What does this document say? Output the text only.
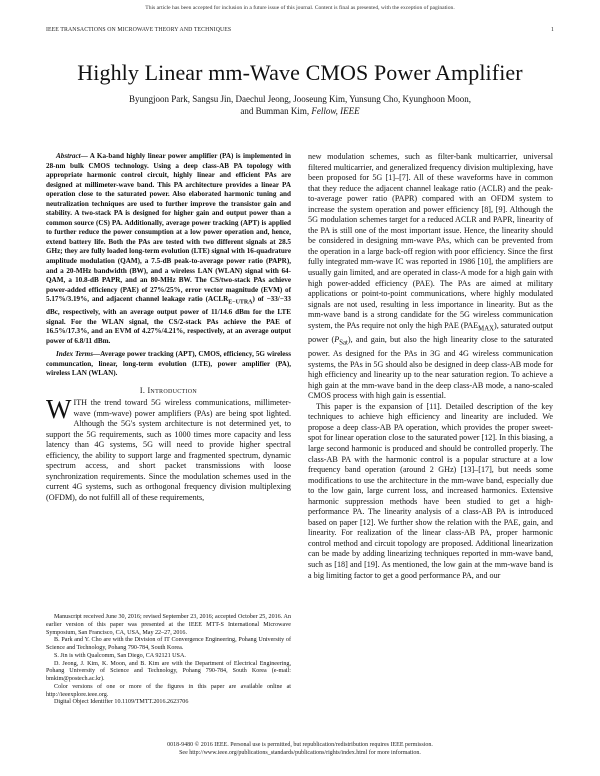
This article has been accepted for inclusion in a future issue of this journal. Content is final as presented, with the exception of pagination.
IEEE TRANSACTIONS ON MICROWAVE THEORY AND TECHNIQUES	1
Highly Linear mm-Wave CMOS Power Amplifier
Byungjoon Park, Sangsu Jin, Daechul Jeong, Jooseung Kim, Yunsung Cho, Kyunghoon Moon,
and Bumman Kim, Fellow, IEEE

Abstract— A Ka-band highly linear power amplifier (PA) is implemented in 28-nm bulk CMOS technology. Using a deep class-AB PA topology with appropriate harmonic control circuit, highly linear and efficient PAs are designed at millimeter-wave band. This PA architecture provides a linear PA operation close to the saturated power. Also elaborated harmonic tuning and neutralization techniques are used to further improve the transistor gain and stability. A two-stack PA is designed for higher gain and output power than a common source (CS) PA. Additionally, average power tracking (APT) is applied to further reduce the power consumption at a low power operation and, hence, extend battery life. Both the PAs are tested with two different signals at 28.5 GHz; they are fully loaded long-term evolution (LTE) signal with 16-quadrature amplitude modulation (QAM), a 7.5-dB peak-to-average power ratio (PAPR), and a 20-MHz bandwidth (BW), and a wireless LAN (WLAN) signal with 64-QAM, a 10.8-dB PAPR, and an 80-MHz BW. The CS/two-stack PAs achieve power-added efficiency (PAE) of 27%/25%, error vector magnitude (EVM) of 5.17%/3.19%, and adjacent channel leakage ratio $(ACLR_{E-UTRA})$ of −33/−33 dBc, respectively, with an average output power of 11/14.6 dBm for the LTE signal. For the WLAN signal, the CS/2-stack PAs achieve the PAE of 16.5%/17.3%, and an EVM of 4.27%/4.21%, respectively, at an average output power of 6.8/11 dBm.

Index Terms—Average power tracking (APT), CMOS, efficiency, 5G wireless communcation, linear, long-term evolution (LTE), power amplifier (PA), wireless LAN (WLAN).

I. Introduction

WITH the trend toward 5G wireless communications, millimeter-wave (mm-wave) power amplifiers (PAs) are being spot lighted. Although the 5G's system architecture is not determined yet, to support the 5G requirements, such as 1000 times more capacity and less latency than 4G systems, 5G will need to provide higher spectral efficiency, the ability to support large and fragmented spectrum, dynamic spectrum access, and short packet transmissions with loose synchronization requirements. Since the modulation schemes used in the current 4G systems, such as orthogonal frequency division multiplexing (OFDM), do not fulfill all of these requirements,

Manuscript received June 30, 2016; revised September 23, 2016; accepted October 25, 2016. An earlier version of this paper was presented at the IEEE MTT-S International Microwave Symposium, San Francisco, CA, USA, May 22–27, 2016.

B. Park and Y. Cho are with the Division of IT Convergence Engineering, Pohang University of Science and Technology, Pohang 790-784, South Korea.

S. Jin is with Qualcomm, San Diego, CA 92121 USA.

D. Jeong, J. Kim, K. Moon, and B. Kim are with the Department of Electrical Engineering, Pohang University of Science and Technology, Pohang 790-784, South Korea (e-mail: bmkim@postech.ac.kr).

Color versions of one or more of the figures in this paper are available online at http://ieeexplore.ieee.org.

Digital Object Identifier 10.1109/TMTT.2016.2623706

new modulation schemes, such as filter-bank multicarrier, universal filtered multicarrier, and generalized frequency division multiplexing, have been proposed for 5G [1]–[7]. All of these waveforms have in common that they reduce the adjacent channel leakage ratio (ACLR) and the peak-to-average power ratio (PAPR) compared with an OFDM system to increase the system operation and power efficiency [8], [9]. Although the 5G modulation schemes target for a reduced ACLR and PAPR, linearity of the PA is still one of the most important issue. Hence, the linearity should be considered in designing mm-wave PAs, which can be prevented from the operation in a large back-off region with poor efficiency. Since the first fully integrated mm-wave IC was reported in 1986 [10], the amplifiers are usually gain limited, and are operated in class-A mode for a high gain with high power-added efficiency (PAE). The PAs are aimed at military applications or point-to-point communications, where highly modulated signals are not used, resulting in less importance in linearity. But as the mm-wave band is a strong candidate for the 5G wireless communication system, the PAs require not only the high PAE $(PAE_{MAX})$, saturated output power $(P_{Sat})$, and gain, but also the high linearity close to the saturated power. As designed for the PAs in 3G and 4G wireless communication systems, the PAs in 5G should also be designed in deep class-AB mode for high efficiency and linearity up to the near saturation region. To achieve a high gain at the mm-wave band in the deep class-AB mode, a nano-scaled CMOS process with high gain is essential.

This paper is the expansion of [11]. Detailed description of the key techniques to achieve high efficiency and linearity are included. We propose a deep class-AB PA operation, which provides the proper sweet-spot for linear operation close to the saturated power [12]. In this biasing, a large second harmonic is produced and should be controlled properly. The class-AB PA with the harmonic control is a popular structure at a low frequency band operation (around 2 GHz) [13]–[17], but needs some modifications to use the architecture in the mm-wave band, especially due to the low gain, large current loss, and increased harmonics. Extensive harmonic suppression methods have been studied to get a high-performance PA. The linearity analysis of a class-AB PA is introduced based on paper [12]. We further show the relation with the PAE, gain, and linearity. For realization of the linear class-AB PA, proper harmonic control method and circuit topology are proposed. Additional linearization can be made by adding linearizing techniques reported in mm-wave band, such as [18] and [19]. As mentioned, the low gain at the mm-wave band is a big limiting factor to get a good performance PA, and our

0018-9480 © 2016 IEEE. Personal use is permitted, but republication/redistribution requires IEEE permission.
See http://www.ieee.org/publications_standards/publications/rights/index.html for more information.
